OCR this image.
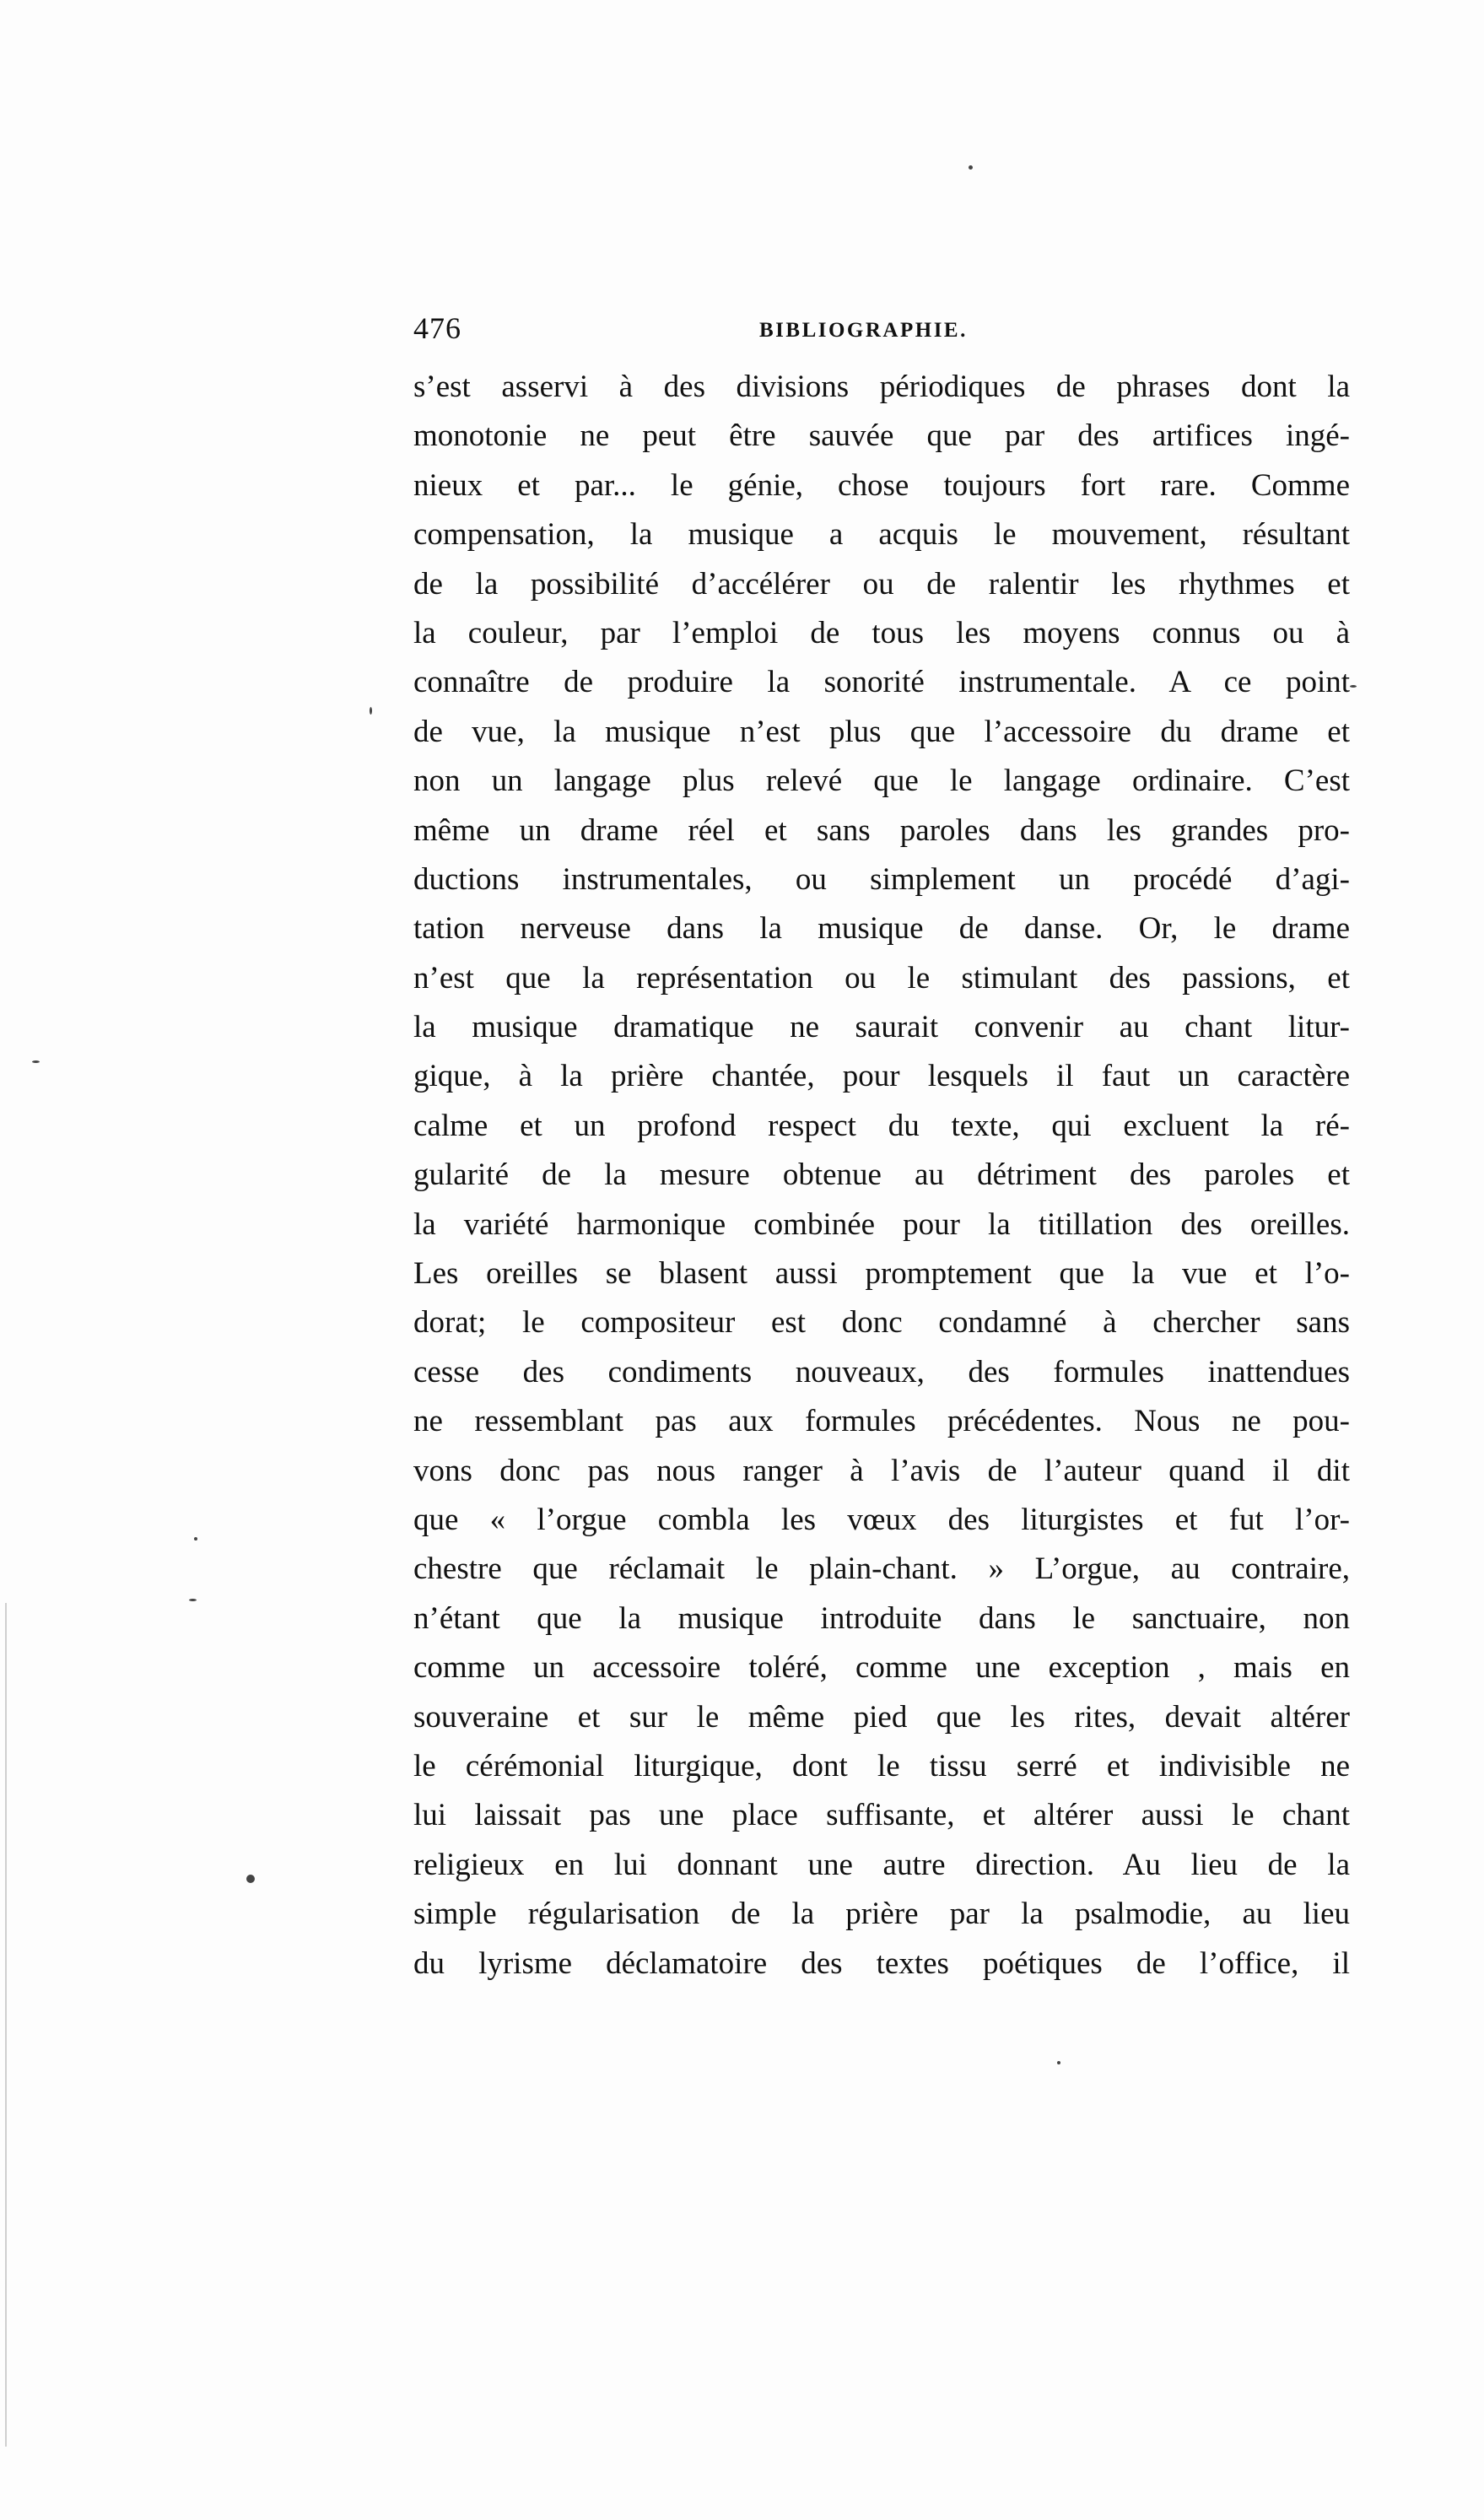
476	BIBLIOGRAPHIE.
s’est asservi à des divisions périodiques de phrases dont la
monotonie ne peut être sauvée que par des artifices ingé-
nieux et par... le génie, chose toujours fort rare. Comme
compensation, la musique a acquis le mouvement, résultant
de la possibilité d’accélérer ou de ralentir les rhythmes et
la couleur, par l’emploi de tous les moyens connus ou à
connaître de produire la sonorité instrumentale. A ce point
de vue, la musique n’est plus que l’accessoire du drame et
non un langage plus relevé que le langage ordinaire. C’est
même un drame réel et sans paroles dans les grandes pro-
ductions instrumentales, ou simplement un procédé d’agi-
tation nerveuse dans la musique de danse. Or, le drame
n’est que la représentation ou le stimulant des passions, et
la musique dramatique ne saurait convenir au chant litur-
gique, à la prière chantée, pour lesquels il faut un caractère
calme et un profond respect du texte, qui excluent la ré-
gularité de la mesure obtenue au détriment des paroles et
la variété harmonique combinée pour la titillation des oreilles.
Les oreilles se blasent aussi promptement que la vue et l’o-
dorat; le compositeur est donc condamné à chercher sans
cesse des condiments nouveaux, des formules inattendues
ne ressemblant pas aux formules précédentes. Nous ne pou-
vons donc pas nous ranger à l’avis de l’auteur quand il dit
que « l’orgue combla les vœux des liturgistes et fut l’or-
chestre que réclamait le plain-chant. » L’orgue, au contraire,
n’étant que la musique introduite dans le sanctuaire, non
comme un accessoire toléré, comme une exception , mais en
souveraine et sur le même pied que les rites, devait altérer
le cérémonial liturgique, dont le tissu serré et indivisible ne
lui laissait pas une place suffisante, et altérer aussi le chant
religieux en lui donnant une autre direction. Au lieu de la
simple régularisation de la prière par la psalmodie, au lieu
du lyrisme déclamatoire des textes poétiques de l’office, il
